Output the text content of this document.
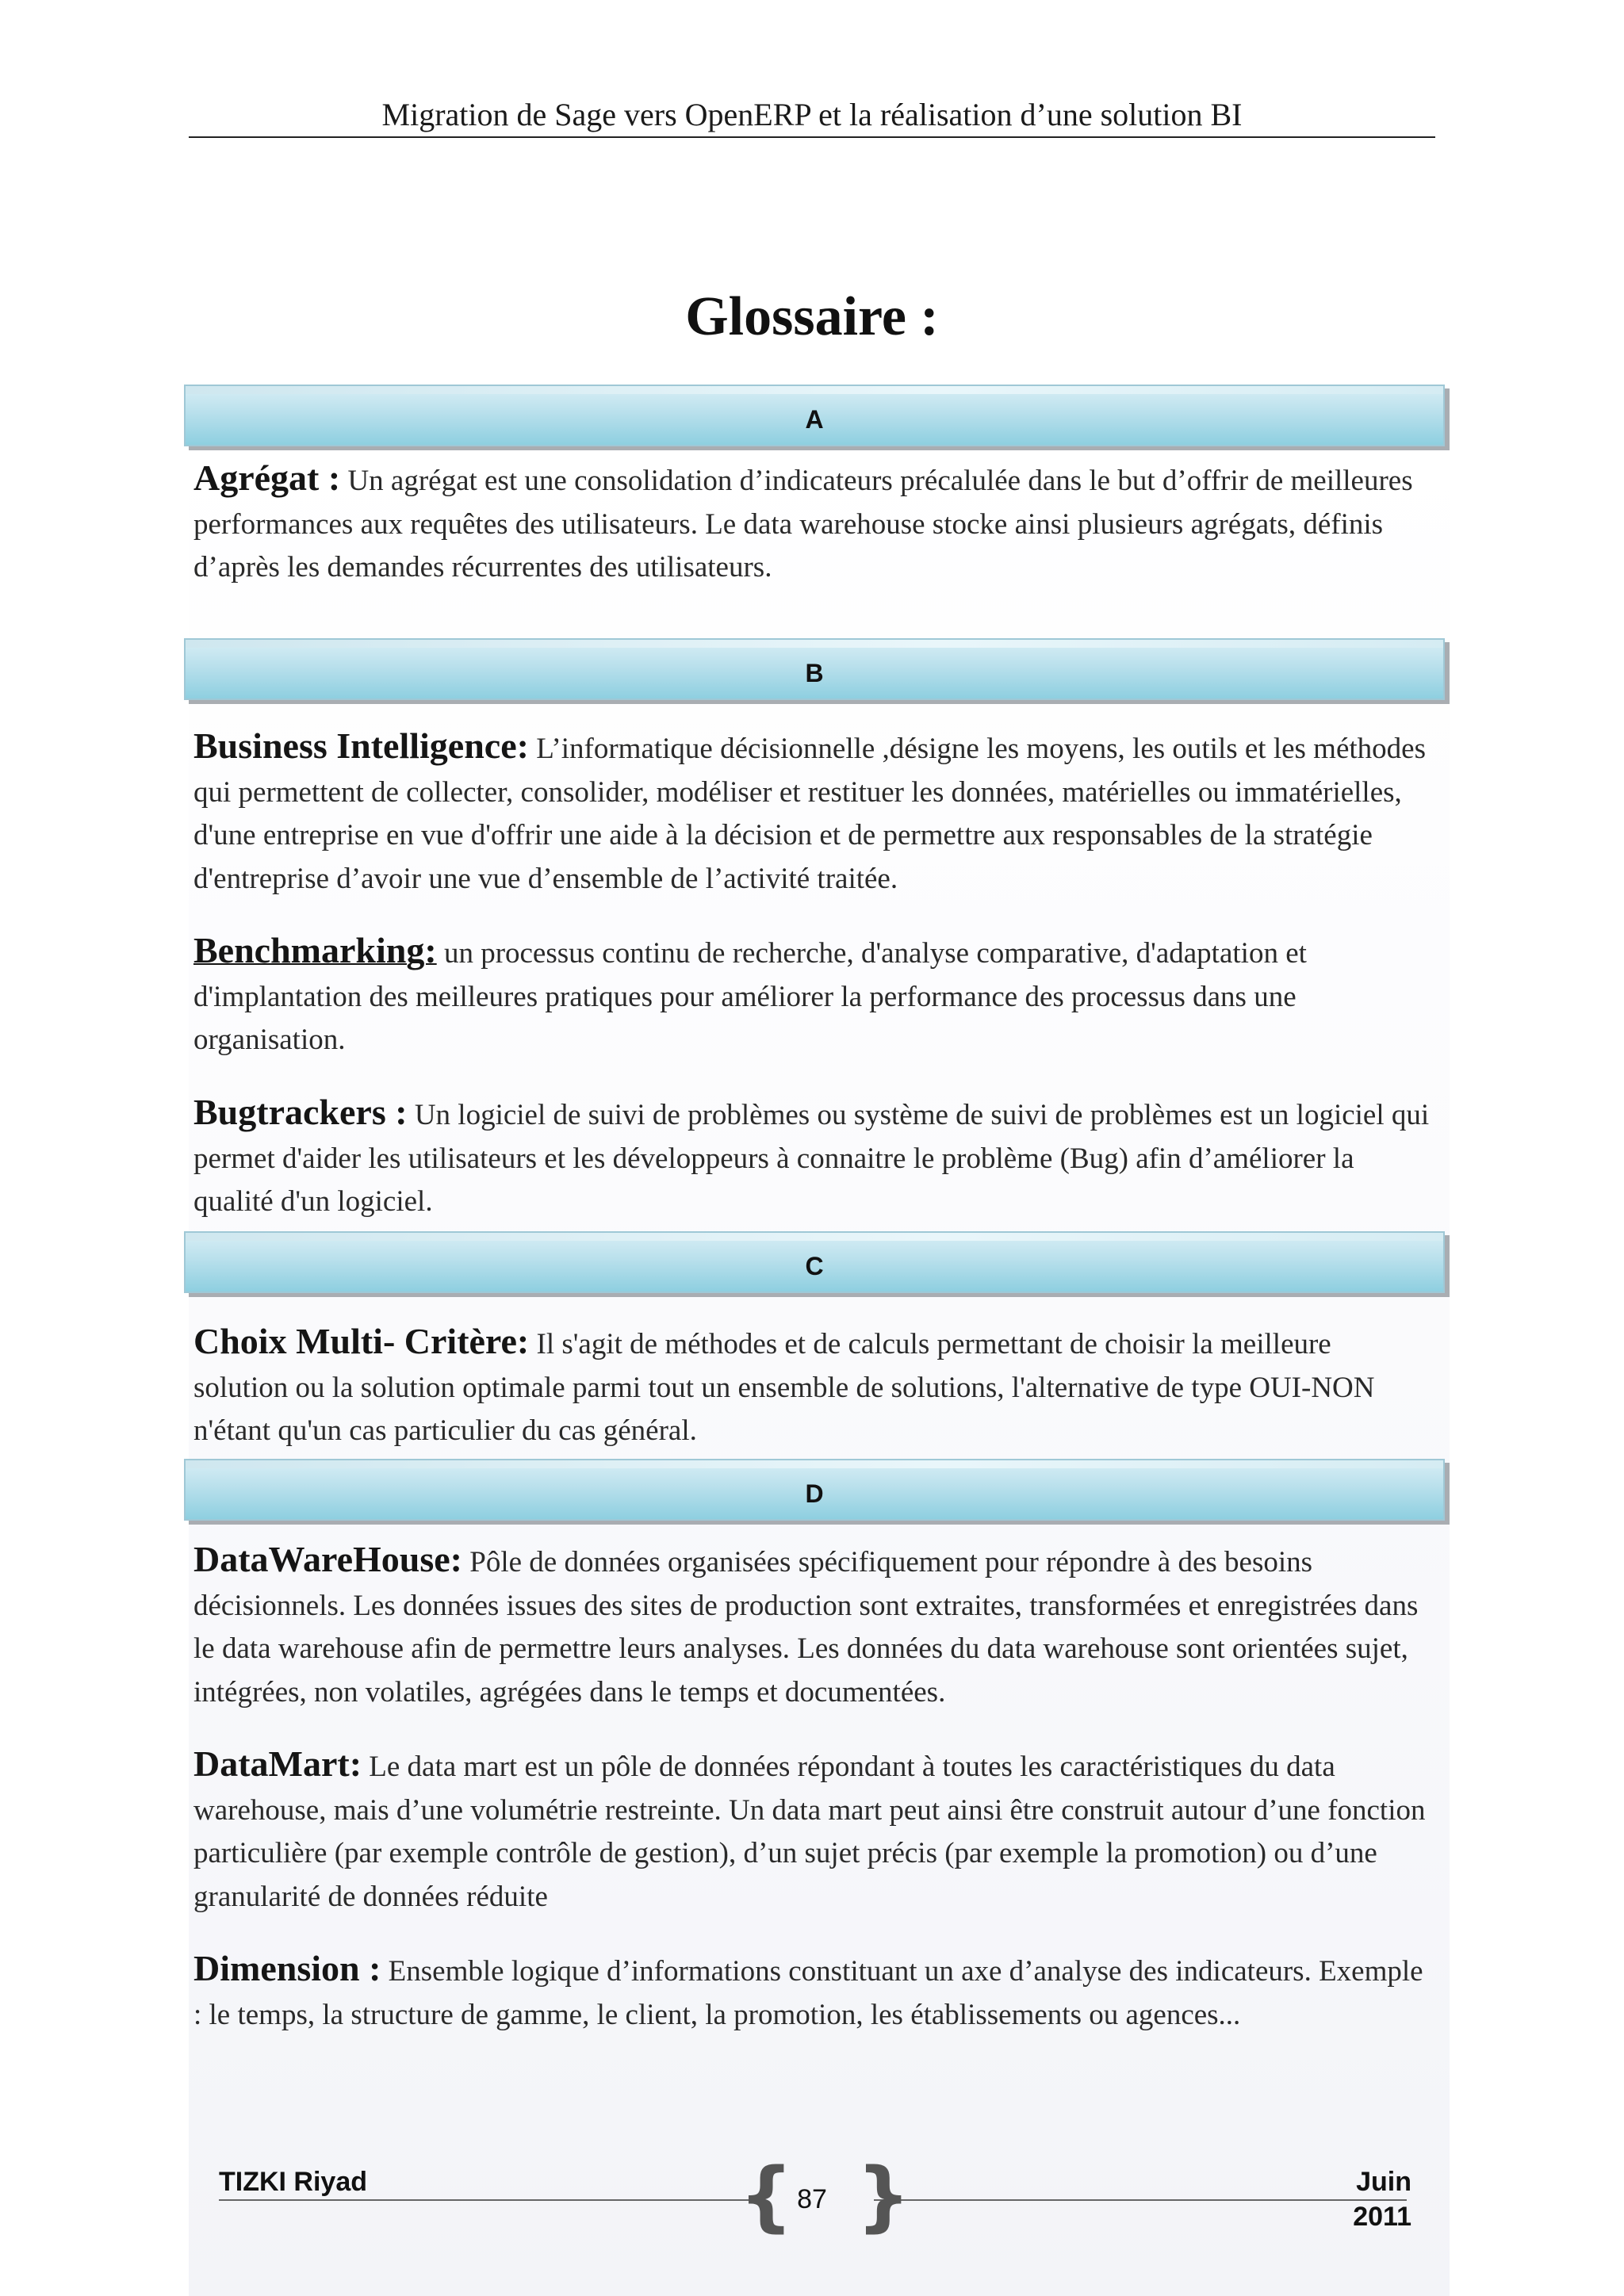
Migration de Sage vers OpenERP et la réalisation d’une solution BI
Glossaire :
A
Agrégat : Un agrégat est une consolidation d’indicateurs précalulée dans le but d’offrir de meilleures performances aux requêtes des utilisateurs. Le data warehouse stocke ainsi plusieurs agrégats, définis d’après les demandes récurrentes des utilisateurs.
B
Business Intelligence: L’informatique décisionnelle ,désigne les moyens, les outils et les méthodes qui permettent de collecter, consolider, modéliser et restituer les données, matérielles ou immatérielles, d'une entreprise en vue d'offrir une aide à la décision et de permettre aux responsables de la stratégie d'entreprise d’avoir une vue d’ensemble de l’activité traitée.
Benchmarking: un processus continu de recherche, d'analyse comparative, d'adaptation et d'implantation des meilleures pratiques pour améliorer la performance des processus dans une organisation.
Bugtrackers : Un logiciel de suivi de problèmes ou système de suivi de problèmes est un logiciel qui permet d'aider les utilisateurs et les développeurs à connaitre le problème (Bug) afin d’améliorer la qualité d'un logiciel.
C
Choix Multi- Critère: Il s'agit de méthodes et de calculs permettant de choisir la meilleure solution ou la solution optimale parmi tout un ensemble de solutions, l'alternative de type OUI-NON n'étant qu'un cas particulier du cas général.
D
DataWareHouse: Pôle de données organisées spécifiquement pour répondre à des besoins décisionnels. Les données issues des sites de production sont extraites, transformées et enregistrées dans le data warehouse afin de permettre leurs analyses. Les données du data warehouse sont orientées sujet, intégrées, non volatiles, agrégées dans le temps et documentées.
DataMart: Le data mart est un pôle de données répondant à toutes les caractéristiques du data warehouse, mais d’une volumétrie restreinte. Un data mart peut ainsi être construit autour d’une fonction particulière (par exemple contrôle de gestion), d’un sujet précis (par exemple la promotion) ou d’une granularité de données réduite
Dimension : Ensemble logique d’informations constituant un axe d’analyse des indicateurs. Exemple : le temps, la structure de gamme, le client, la promotion, les établissements ou agences...
TIZKI Riyad	Juin 2011
{ }
87
